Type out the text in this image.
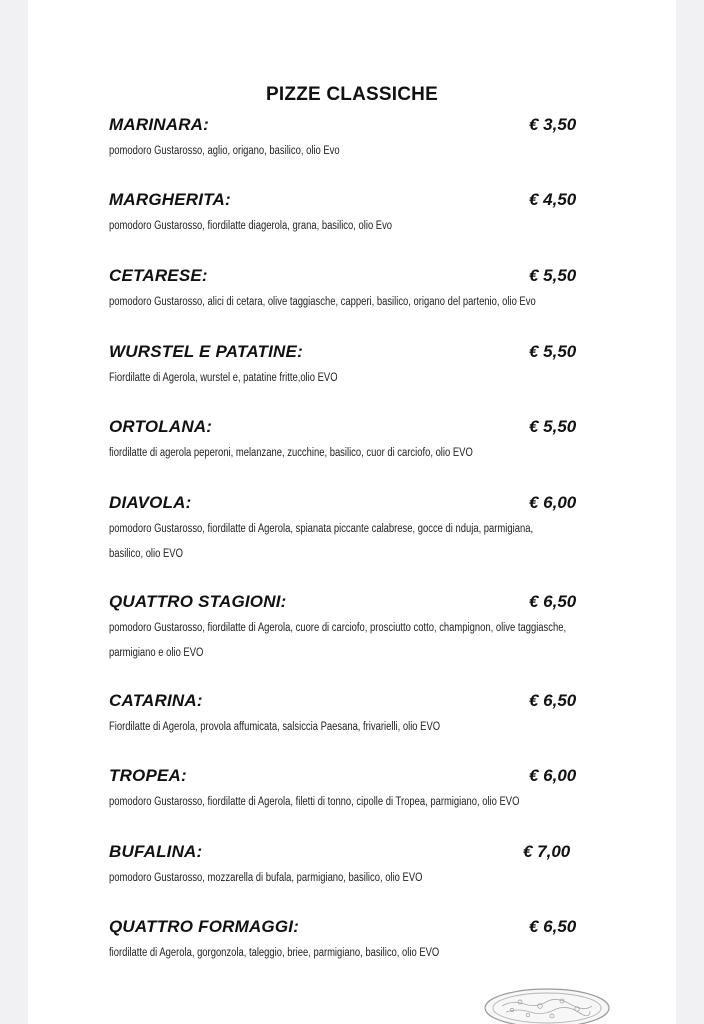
PIZZE CLASSICHE
MARINARA:	€ 3,50
pomodoro Gustarosso, aglio, origano, basilico, olio Evo
MARGHERITA:	€ 4,50
pomodoro Gustarosso, fiordilatte diagerola, grana, basilico, olio Evo
CETARESE:	€ 5,50
pomodoro Gustarosso, alici di cetara, olive taggiasche, capperi, basilico, origano del partenio, olio Evo
WURSTEL E PATATINE:	€ 5,50
Fiordilatte di Agerola, wurstel e, patatine fritte,olio EVO
ORTOLANA:	€ 5,50
fiordilatte di agerola peperoni, melanzane, zucchine, basilico, cuor di carciofo, olio EVO
DIAVOLA:	€ 6,00
pomodoro Gustarosso, fiordilatte di Agerola, spianata piccante calabrese, gocce di nduja, parmigiana, basilico, olio EVO
QUATTRO STAGIONI:	€ 6,50
pomodoro Gustarosso, fiordilatte di Agerola, cuore di carciofo, prosciutto cotto, champignon, olive taggiasche, parmigiano e olio EVO
CATARINA:	€ 6,50
Fiordilatte di Agerola, provola affumicata, salsiccia Paesana, frivarielli, olio EVO
TROPEA:	€ 6,00
pomodoro Gustarosso, fiordilatte di Agerola, filetti di tonno, cipolle di Tropea, parmigiano, olio EVO
BUFALINA:	€ 7,00
pomodoro Gustarosso, mozzarella di bufala, parmigiano, basilico, olio EVO
QUATTRO FORMAGGI:	€ 6,50
fiordilatte di Agerola, gorgonzola, taleggio, briee, parmigiano, basilico, olio EVO
